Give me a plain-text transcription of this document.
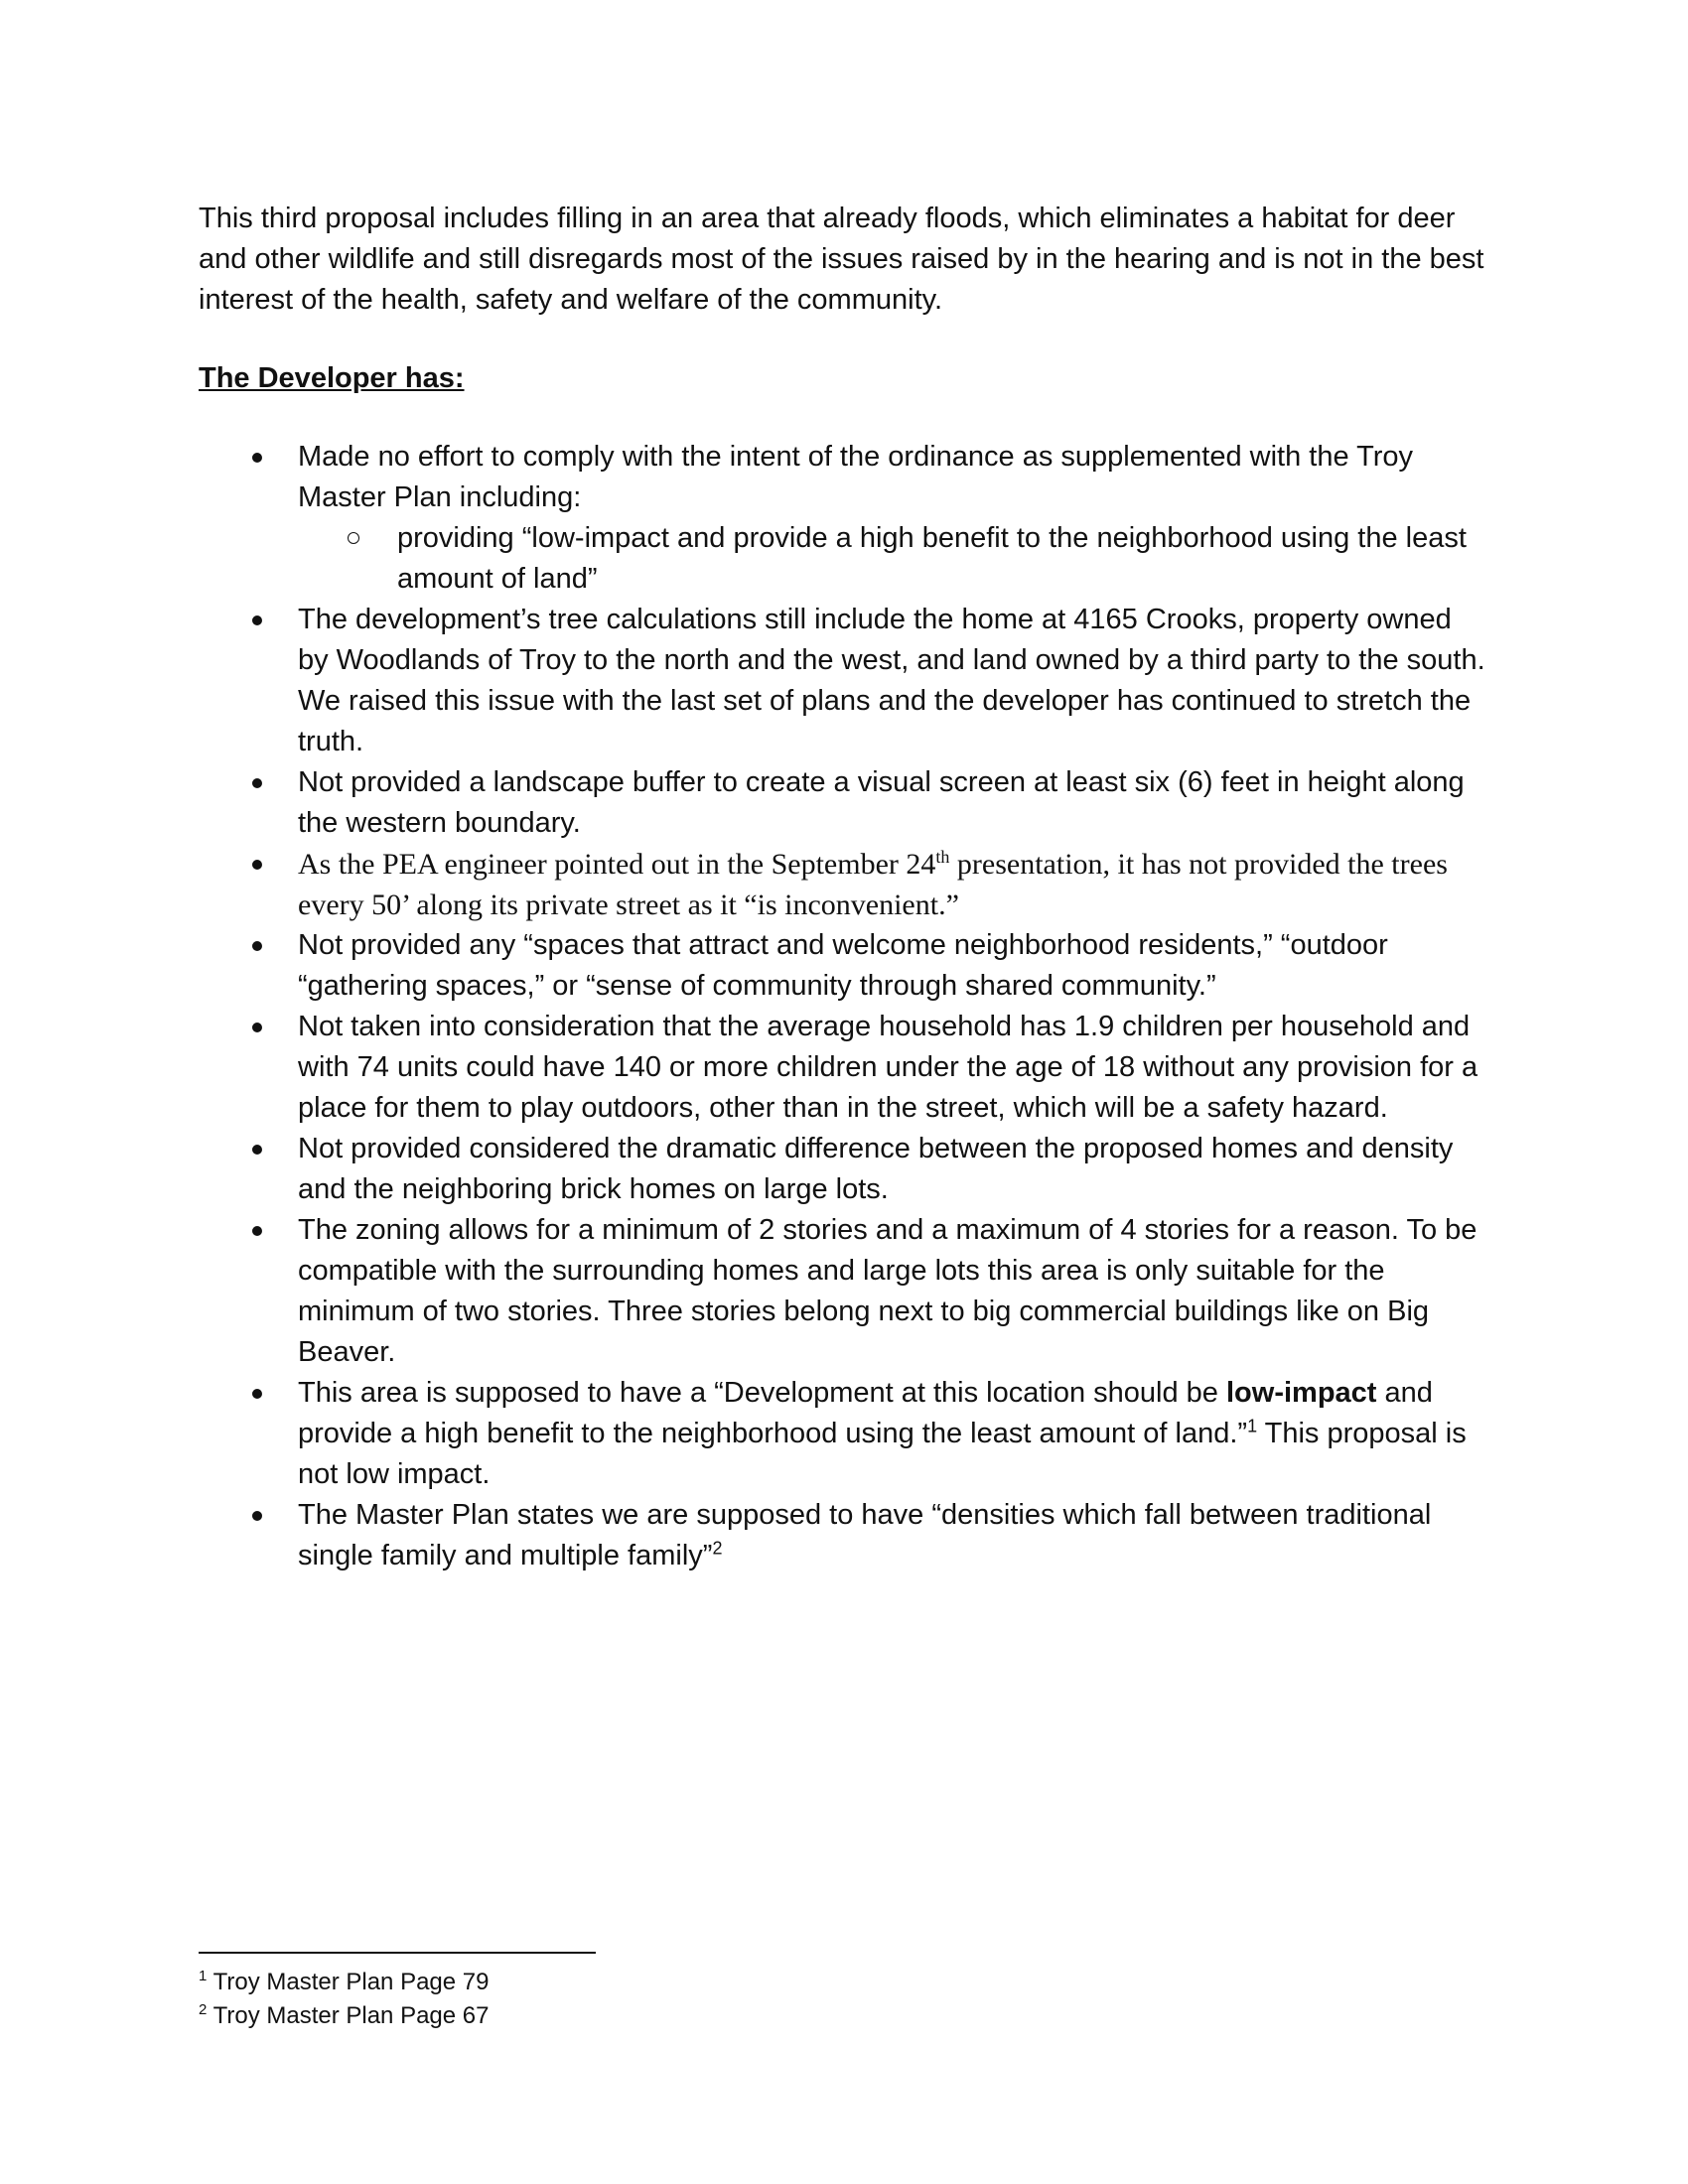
This third proposal includes filling in an area that already floods, which eliminates a habitat for deer and other wildlife and still disregards most of the issues raised by in the hearing and is not in the best interest of the health, safety and welfare of the community.

The Developer has:
Made no effort to comply with the intent of the ordinance as supplemented with the Troy Master Plan including:
providing “low-impact and provide a high benefit to the neighborhood using the least amount of land”
The development’s tree calculations still include the home at 4165 Crooks, property owned by Woodlands of Troy to the north and the west, and land owned by a third party to the south. We raised this issue with the last set of plans and the developer has continued to stretch the truth.
Not provided a landscape buffer to create a visual screen at least six (6) feet in height along the western boundary.
As the PEA engineer pointed out in the September 24th presentation, it has not provided the trees every 50’ along its private street as it “is inconvenient.”
Not provided any “spaces that attract and welcome neighborhood residents,” “outdoor “gathering spaces,” or “sense of community through shared community.”
Not taken into consideration that the average household has 1.9 children per household and with 74 units could have 140 or more children under the age of 18 without any provision for a place for them to play outdoors, other than in the street, which will be a safety hazard.
Not provided considered the dramatic difference between the proposed homes and density and the neighboring brick homes on large lots.
The zoning allows for a minimum of 2 stories and a maximum of 4 stories for a reason. To be compatible with the surrounding homes and large lots this area is only suitable for the minimum of two stories. Three stories belong next to big commercial buildings like on Big Beaver.
This area is supposed to have a “Development at this location should be low-impact and provide a high benefit to the neighborhood using the least amount of land.”$^1$ This proposal is not low impact.
The Master Plan states we are supposed to have “densities which fall between traditional single family and multiple family”$^2$
$^1$ Troy Master Plan Page 79
$^2$ Troy Master Plan Page 67
